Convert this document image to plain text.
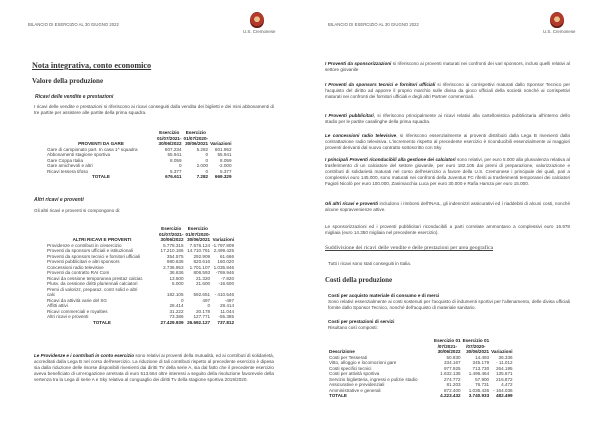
BILANCIO DI ESERCIZIO AL 30 GIUGNO 2022
U.S. Cremonese
Nota integrativa, conto economico
Valore della produzione
Ricavi delle vendite e prestazioni
I ricavi delle vendite e prestazioni si riferiscono ai ricavi conseguiti dalla vendita dei biglietti e dei mini abbonamenti di tre partite per assistere alle partite della prima squadra.
	Esercizio	Esercizio	
	01/07/2021-	01/07/2020-	
PROVENTI DA GARE	30/06/2022	30/06/2021	Variazioni
Gare di campionato part. In casa 1^ squadra	607.234	5.282	601.952
Abbonamenti stagione sportiva	55.941	0	55.941
Gare Coppa Italia	8.059	0	8.059
Gare amichevoli e altri	0	2.000	-2.000
Ricavi tessera tifoso	5.377	0	5.377
TOTALE	676.611	7.282	669.329
Altri ricavi e proventi
Gli altri ricavi e proventi si compongono di:
	Esercizio	Esercizio	
	01/07/2021-	01/07/2020-	
ALTRI RICAVI E PROVENTI	30/06/2022	30/06/2021	Variazioni
Providenze e contributi in c/esercizio	5.778.315	7.576.124	-1.797.809
Proventi da sponsors ufficiali e istituzionali	17.210.186	14.710.761	2.499.425
Proventi da sponsors tecnici e fornitori ufficiali	354.575	292.909	61.666
Proventi pubblicitari e altri sponsors	980.636	820.616	160.020
Concessioni radio televisive	2.736.953	1.701.107	1.035.846
Proventi da contratto RAI Com	36.636	806.593	-769.946
Ricavi da cessione temporanea prestaz calciat.	13.500	21.320	-7.820
Plusv. da cessione diritti pluriennali calciatori	5.000	21.600	-16.600
Premi di valorizz, preparaz. contr solid e altri			
calc	182.105	592.651	- 410.546
Ricavi da attività varie del SG	0	497	-497
Affitti attivi	28.414	0	28.414
Ricavi commerciali e royalties	31.222	20.178	11.044
Altri ricavi e proventi	73.386	127.771	-55.385
TOTALE	27.429.939	26.692.127	737.812
Le Providenze e i contributi in conto esercizio sono relativi ai proventi della mutualità, ed ai contributi di solidarietà, accreditati dalla Lega B nel corso dell'esercizio. La riduzione di tali contributi rispetto al precedente esercizio è dipesa sia dalla riduzione delle risorse disponibili rivenienti dai diritti TV della serie A, sia dal fatto che il precedente esercizio aveva beneficiato di un'erogazione arretrata di euro 513.664 oltre interessi a seguito della risoluzione favorevole della vertenza tra la Lega di serie A e Sky relativa al conguaglio dei diritti Tv della stagione sportiva 2019/2020.
BILANCIO DI ESERCIZIO AL 30 GIUGNO 2022
U.S. Cremonese
I Proventi da sponsorizzazioni si riferiscono ai proventi maturati nei confronti dei vari sponsors, inclusi quelli relativi al settore giovanile
I Proventi da sponsors tecnici e fornitori ufficiali si riferiscono ai corrispettivi maturati dallo Sponsor Tecnico per l'acquisto del diritto ad apporre il proprio marchio sulle divisa da gioco ufficiali della società nonché ai corrispettivi maturati nei confronti dei fornitori ufficiali e degli altri Partner commerciali.
I Proventi pubblicitari, si riferiscono principalmente ai ricavi relativi alla cartellonistica pubblicitaria all'interno dello stadio per le partite casalinghe della prima squadra.
Le concessioni radio televisive, si riferiscono essenzialmente ai proventi distribuiti dalla Lega B rivenienti dalla contrattazione radio televisiva. L'incremento rispetto al precedente esercizio è riconducibili essenzialmente ai maggiori proventi derivanti dal nuovo contratto sottoscritto con Sky
I principali Proventi riconducibili alla gestione dei calciatori sono relativi, per euro 5.000 alla plusvalenza relativa al trasferimento di un calciatore del settore giovanile, per euro 182.105 dai premi di preparazione, valorizzazione e contributi di solidarietà maturati nel corso dell'esercizio a favore della U.S. Cremonese i principale dei quali, pari a complessivi euro 145.000, sono maturati nei confronti della Juventus FC riferiti ai trasferimenti temporanei dei calciatori Fagioli Nicolò per euro 100.000, Zanimacchia Luca per euro 30.000 e Rafia Hamza per euro 15.000.
Gli altri ricavi e proventi includono i rimborsi dell'INAIL, gli indennizzi assicurativi ed i riaddebiti di alcuni costi, nonché alcune sopravvenienze attive.
Le sponsorizzazioni ed i proventi pubblicitari riconducibili a parti correlate ammontano a complessivi euro 16.978 migliaia (euro 14.350 migliaia nel precedente esercizio).
Suddivisione dei ricavi delle vendite e delle prestazioni per area geografica
Tutti i ricavi sono stati conseguiti in Italia.
Costi della produzione
Costi per acquisto materiale di consumo e di merci
Sono relativi essenzialmente ai costi sostenuti per l'acquisto di indumenti sportivi per l'allenamento, delle divisa ufficiali fornite dallo Sponsor Tecnico, nonché dell'acquisto di materiale sanitario.
Costi per prestazioni di servizi
Risultano così composti:
	Esercizio 01	Esercizio 01	
	/07/2021-	/07/2020-	
Descrizione	30/06/2022	30/06/2021	Variazioni
Costi per Tesserati	50.830	14.493	36.336
Vitto, alloggio e locomozioni gare	334.167	345.179	- 11.012
Costi specifici tecnici	977.925	713.730	264.195
Costi per attività sportiva	1.632.135	1.496.464	135.671
Servizio biglietteria, ingressi e pulizie stadio	274.772	57.900	216.872
Assicurative e previdenziali	81.203	76.731	4.472
Amministrative e generali	872.400	1.036.436	- 164.036
TOTALE	4.223.432	3.740.933	482.499
